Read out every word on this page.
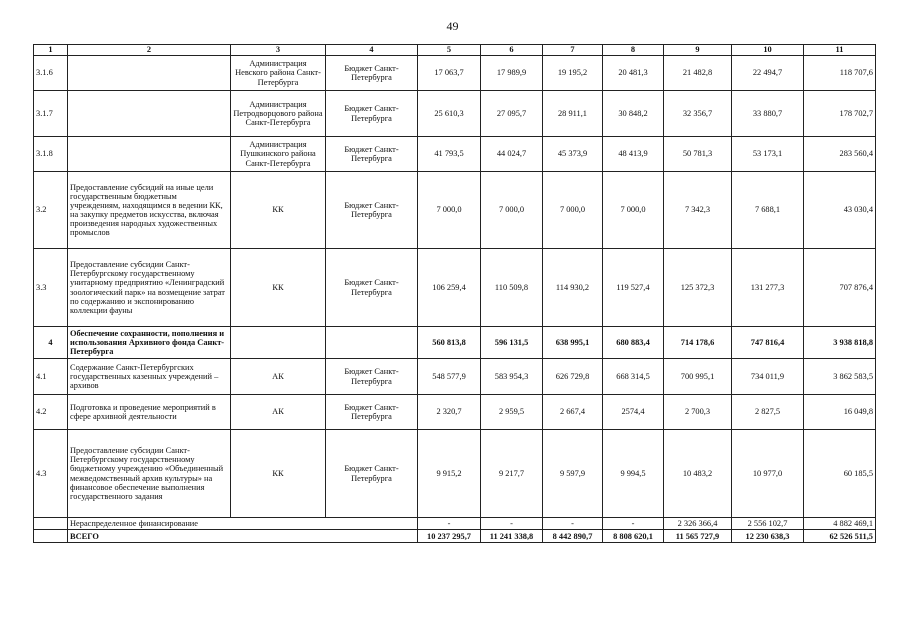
49
1	2	3	4	5	6	7	8	9	10	11
3.1.6		Администрация Невского района Санкт-Петербурга	Бюджет Санкт-Петербурга	17 063,7	17 989,9	19 195,2	20 481,3	21 482,8	22 494,7	118 707,6
3.1.7		Администрация Петродворцового района Санкт-Петербурга	Бюджет Санкт-Петербурга	25 610,3	27 095,7	28 911,1	30 848,2	32 356,7	33 880,7	178 702,7
3.1.8		Администрация Пушкинского района Санкт-Петербурга	Бюджет Санкт-Петербурга	41 793,5	44 024,7	45 373,9	48 413,9	50 781,3	53 173,1	283 560,4
3.2	Предоставление субсидий на иные цели государственным бюджетным учреждениям, находящимся в ведении КК, на закупку предметов искусства, включая произведения народных художественных промыслов	КК	Бюджет Санкт-Петербурга	7 000,0	7 000,0	7 000,0	7 000,0	7 342,3	7 688,1	43 030,4
3.3	Предоставление субсидии Санкт-Петербургскому государственному унитарному предприятию «Ленинградский зоологический парк» на возмещение затрат по содержанию и экспонированию коллекции фауны	КК	Бюджет Санкт-Петербурга	106 259,4	110 509,8	114 930,2	119 527,4	125 372,3	131 277,3	707 876,4
4	Обеспечение сохранности, пополнения и использования Архивного фонда Санкт-Петербурга			560 813,8	596 131,5	638 995,1	680 883,4	714 178,6	747 816,4	3 938 818,8
4.1	Содержание Санкт-Петербургских государственных казенных учреждений – архивов	АК	Бюджет Санкт-Петербурга	548 577,9	583 954,3	626 729,8	668 314,5	700 995,1	734 011,9	3 862 583,5
4.2	Подготовка и проведение мероприятий в сфере архивной деятельности	АК	Бюджет Санкт-Петербурга	2 320,7	2 959,5	2 667,4	2574,4	2 700,3	2 827,5	16 049,8
4.3	Предоставление субсидии Санкт-Петербургскому государственному бюджетному учреждению «Объединенный межведомственный архив культуры» на финансовое обеспечение выполнения государственного задания	КК	Бюджет Санкт-Петербурга	9 915,2	9 217,7	9 597,9	9 994,5	10 483,2	10 977,0	60 185,5
	Нераспределенное финансирование			-	-	-	-	2 326 366,4	2 556 102,7	4 882 469,1
	ВСЕГО			10 237 295,7	11 241 338,8	8 442 890,7	8 808 620,1	11 565 727,9	12 230 638,3	62 526 511,5
